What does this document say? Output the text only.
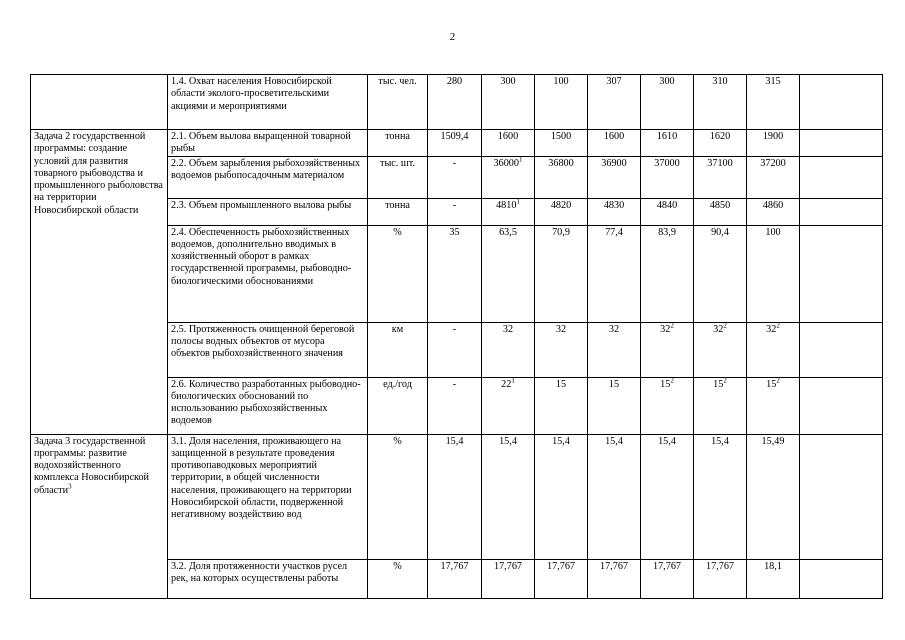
2
	1.4. Охват населения Новосибирской области эколого-просветительскими акциями и мероприятиями	тыс. чел.	280	300	100	307	300	310	315	
Задача 2 государственной программы: создание условий для развития товарного рыбоводства и промышленного рыболовства на территории Новосибирской области	2.1. Объем вылова выращенной товарной рыбы	тонна	1509,4	1600	1500	1600	1610	1620	1900	
	2.2. Объем зарыбления рыбохозяйственных водоемов рыбопосадочным материалом	тыс. шт.	-	36000$^1$	36800	36900	37000	37100	37200	
	2.3. Объем промышленного вылова рыбы	тонна	-	4810$^1$	4820	4830	4840	4850	4860	
	2.4. Обеспеченность рыбохозяйственных водоемов, дополнительно вводимых в хозяйственный оборот в рамках государственной программы, рыбоводно-биологическими обоснованиями	%	35	63,5	70,9	77,4	83,9	90,4	100	
	2.5. Протяженность очищенной береговой полосы водных объектов от мусора объектов рыбохозяйственного значения	км	-	32	32	32	$32^2$	$32^2$	$32^2$	
	2.6. Количество разработанных рыбоводно-биологических обоснований по использованию рыбохозяйственных водоемов	ед./год	-	$22^1$	15	15	$15^2$	$15^2$	$15^2$	
Задача 3 государственной программы: развитие водохозяйственного комплекса Новосибирской области$^3$	3.1. Доля населения, проживающего на защищенной в результате проведения противопаводковых мероприятий территории, в общей численности населения, проживающего на территории Новосибирской области, подверженной негативному воздействию вод	%	15,4	15,4	15,4	15,4	15,4	15,4	15,49	
	3.2. Доля протяженности участков русел рек, на которых осуществлены работы	%	17,767	17,767	17,767	17,767	17,767	17,767	18,1	
